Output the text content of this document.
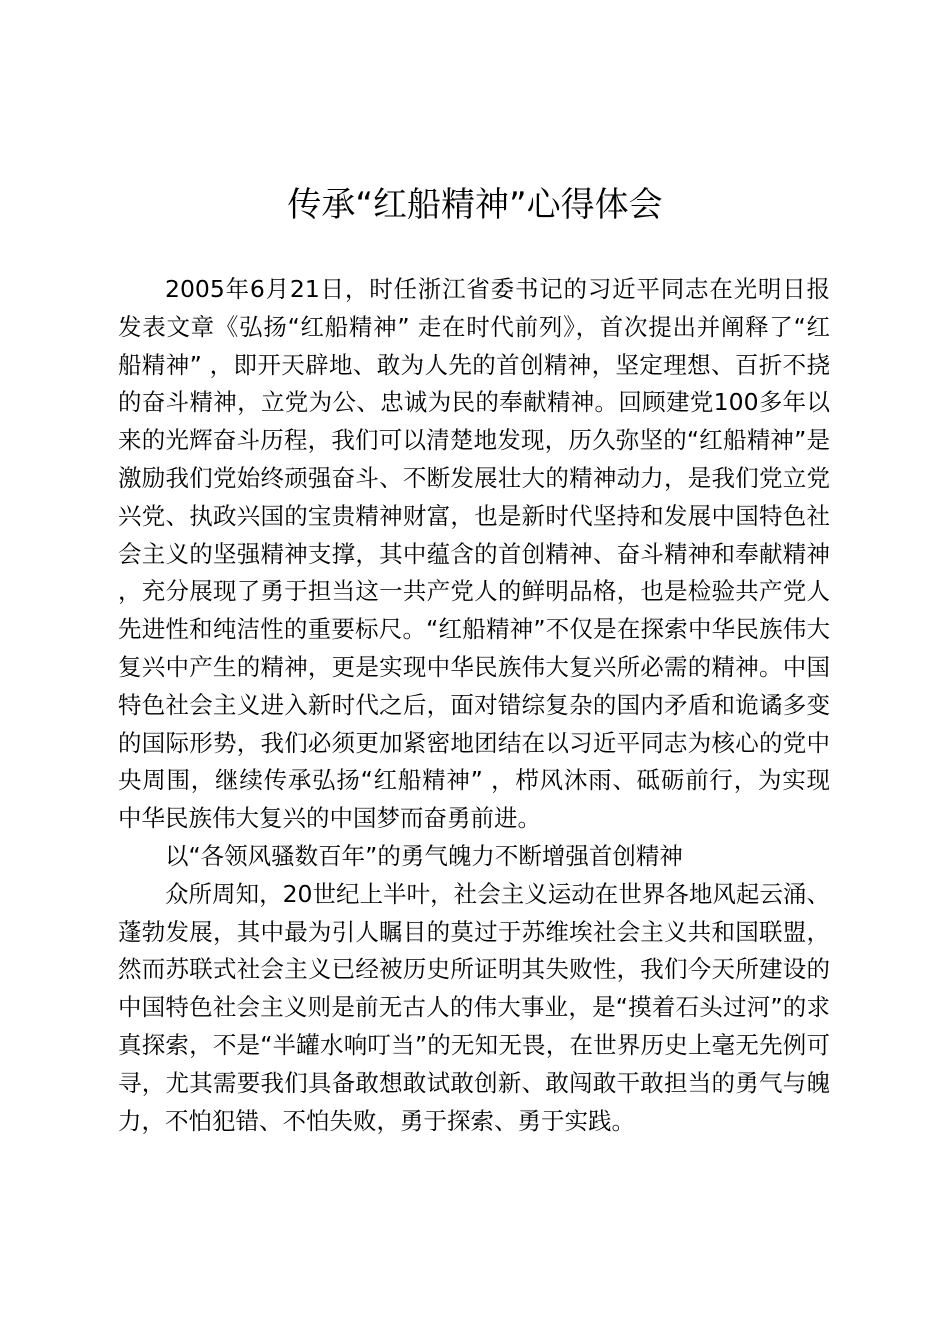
传承“红船精神”心得体会

2005年6月21日，时任浙江省委书记的习近平同志在光明日报发表文章《弘扬“红船精神” 走在时代前列》，首次提出并阐释了“红船精神” ，即开天辟地、敢为人先的首创精神，坚定理想、百折不挠的奋斗精神，立党为公、忠诚为民的奉献精神。回顾建党100多年以来的光辉奋斗历程，我们可以清楚地发现，历久弥坚的“红船精神”是激励我们党始终顽强奋斗、不断发展壮大的精神动力，是我们党立党兴党、执政兴国的宝贵精神财富，也是新时代坚持和发展中国特色社会主义的坚强精神支撑，其中蕴含的首创精神、奋斗精神和奉献精神，充分展现了勇于担当这一共产党人的鲜明品格，也是检验共产党人先进性和纯洁性的重要标尺。“红船精神”不仅是在探索中华民族伟大复兴中产生的精神，更是实现中华民族伟大复兴所必需的精神。中国特色社会主义进入新时代之后，面对错综复杂的国内矛盾和诡谲多变的国际形势，我们必须更加紧密地团结在以习近平同志为核心的党中央周围，继续传承弘扬“红船精神” ，栉风沐雨、砥砺前行，为实现中华民族伟大复兴的中国梦而奋勇前进。

以“各领风骚数百年”的勇气魄力不断增强首创精神

众所周知，20世纪上半叶，社会主义运动在世界各地风起云涌、蓬勃发展，其中最为引人瞩目的莫过于苏维埃社会主义共和国联盟，然而苏联式社会主义已经被历史所证明其失败性，我们今天所建设的中国特色社会主义则是前无古人的伟大事业，是“摸着石头过河”的求真探索，不是“半罐水响叮当”的无知无畏，在世界历史上毫无先例可寻，尤其需要我们具备敢想敢试敢创新、敢闯敢干敢担当的勇气与魄力，不怕犯错、不怕失败，勇于探索、勇于实践。
